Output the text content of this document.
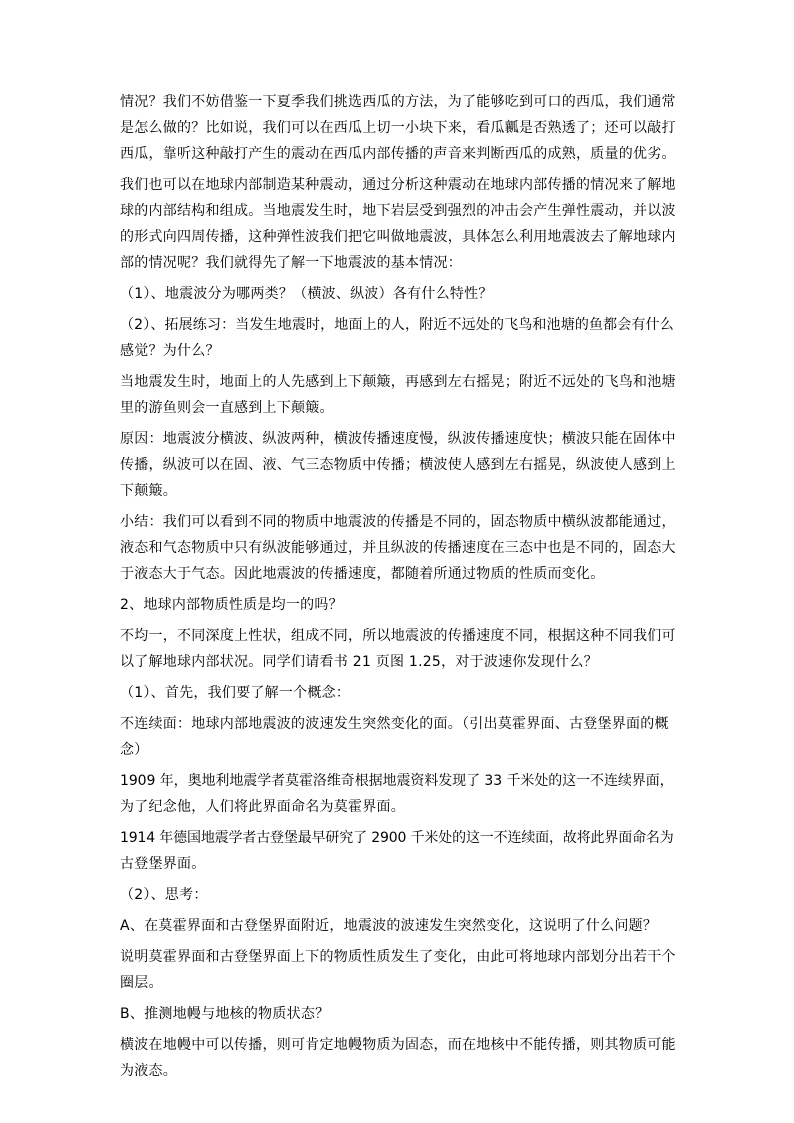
情况？我们不妨借鉴一下夏季我们挑选西瓜的方法，为了能够吃到可口的西瓜，我们通常
是怎么做的？比如说，我们可以在西瓜上切一小块下来，看瓜瓤是否熟透了；还可以敲打
西瓜，靠听这种敲打产生的震动在西瓜内部传播的声音来判断西瓜的成熟，质量的优劣。
我们也可以在地球内部制造某种震动，通过分析这种震动在地球内部传播的情况来了解地
球的内部结构和组成。当地震发生时，地下岩层受到强烈的冲击会产生弹性震动，并以波
的形式向四周传播，这种弹性波我们把它叫做地震波，具体怎么利用地震波去了解地球内
部的情况呢？我们就得先了解一下地震波的基本情况：
（1）、地震波分为哪两类？（横波、纵波）各有什么特性？
（2）、拓展练习：当发生地震时，地面上的人，附近不远处的飞鸟和池塘的鱼都会有什么
感觉？为什么？
当地震发生时，地面上的人先感到上下颠簸，再感到左右摇晃；附近不远处的飞鸟和池塘
里的游鱼则会一直感到上下颠簸。
原因：地震波分横波、纵波两种，横波传播速度慢，纵波传播速度快；横波只能在固体中
传播，纵波可以在固、液、气三态物质中传播；横波使人感到左右摇晃，纵波使人感到上
下颠簸。
小结：我们可以看到不同的物质中地震波的传播是不同的，固态物质中横纵波都能通过，
液态和气态物质中只有纵波能够通过，并且纵波的传播速度在三态中也是不同的，固态大
于液态大于气态。因此地震波的传播速度，都随着所通过物质的性质而变化。
2、地球内部物质性质是均一的吗？
不均一，不同深度上性状，组成不同，所以地震波的传播速度不同，根据这种不同我们可
以了解地球内部状况。同学们请看书 21 页图 1.25，对于波速你发现什么？
（1）、首先，我们要了解一个概念：
不连续面：地球内部地震波的波速发生突然变化的面。（引出莫霍界面、古登堡界面的概
念）
1909 年，奥地利地震学者莫霍洛维奇根据地震资料发现了 33 千米处的这一不连续界面，
为了纪念他，人们将此界面命名为莫霍界面。
1914 年德国地震学者古登堡最早研究了 2900 千米处的这一不连续面，故将此界面命名为
古登堡界面。
（2）、思考：
A、在莫霍界面和古登堡界面附近，地震波的波速发生突然变化，这说明了什么问题？
说明莫霍界面和古登堡界面上下的物质性质发生了变化，由此可将地球内部划分出若干个
圈层。
B、推测地幔与地核的物质状态？
横波在地幔中可以传播，则可肯定地幔物质为固态，而在地核中不能传播，则其物质可能
为液态。
